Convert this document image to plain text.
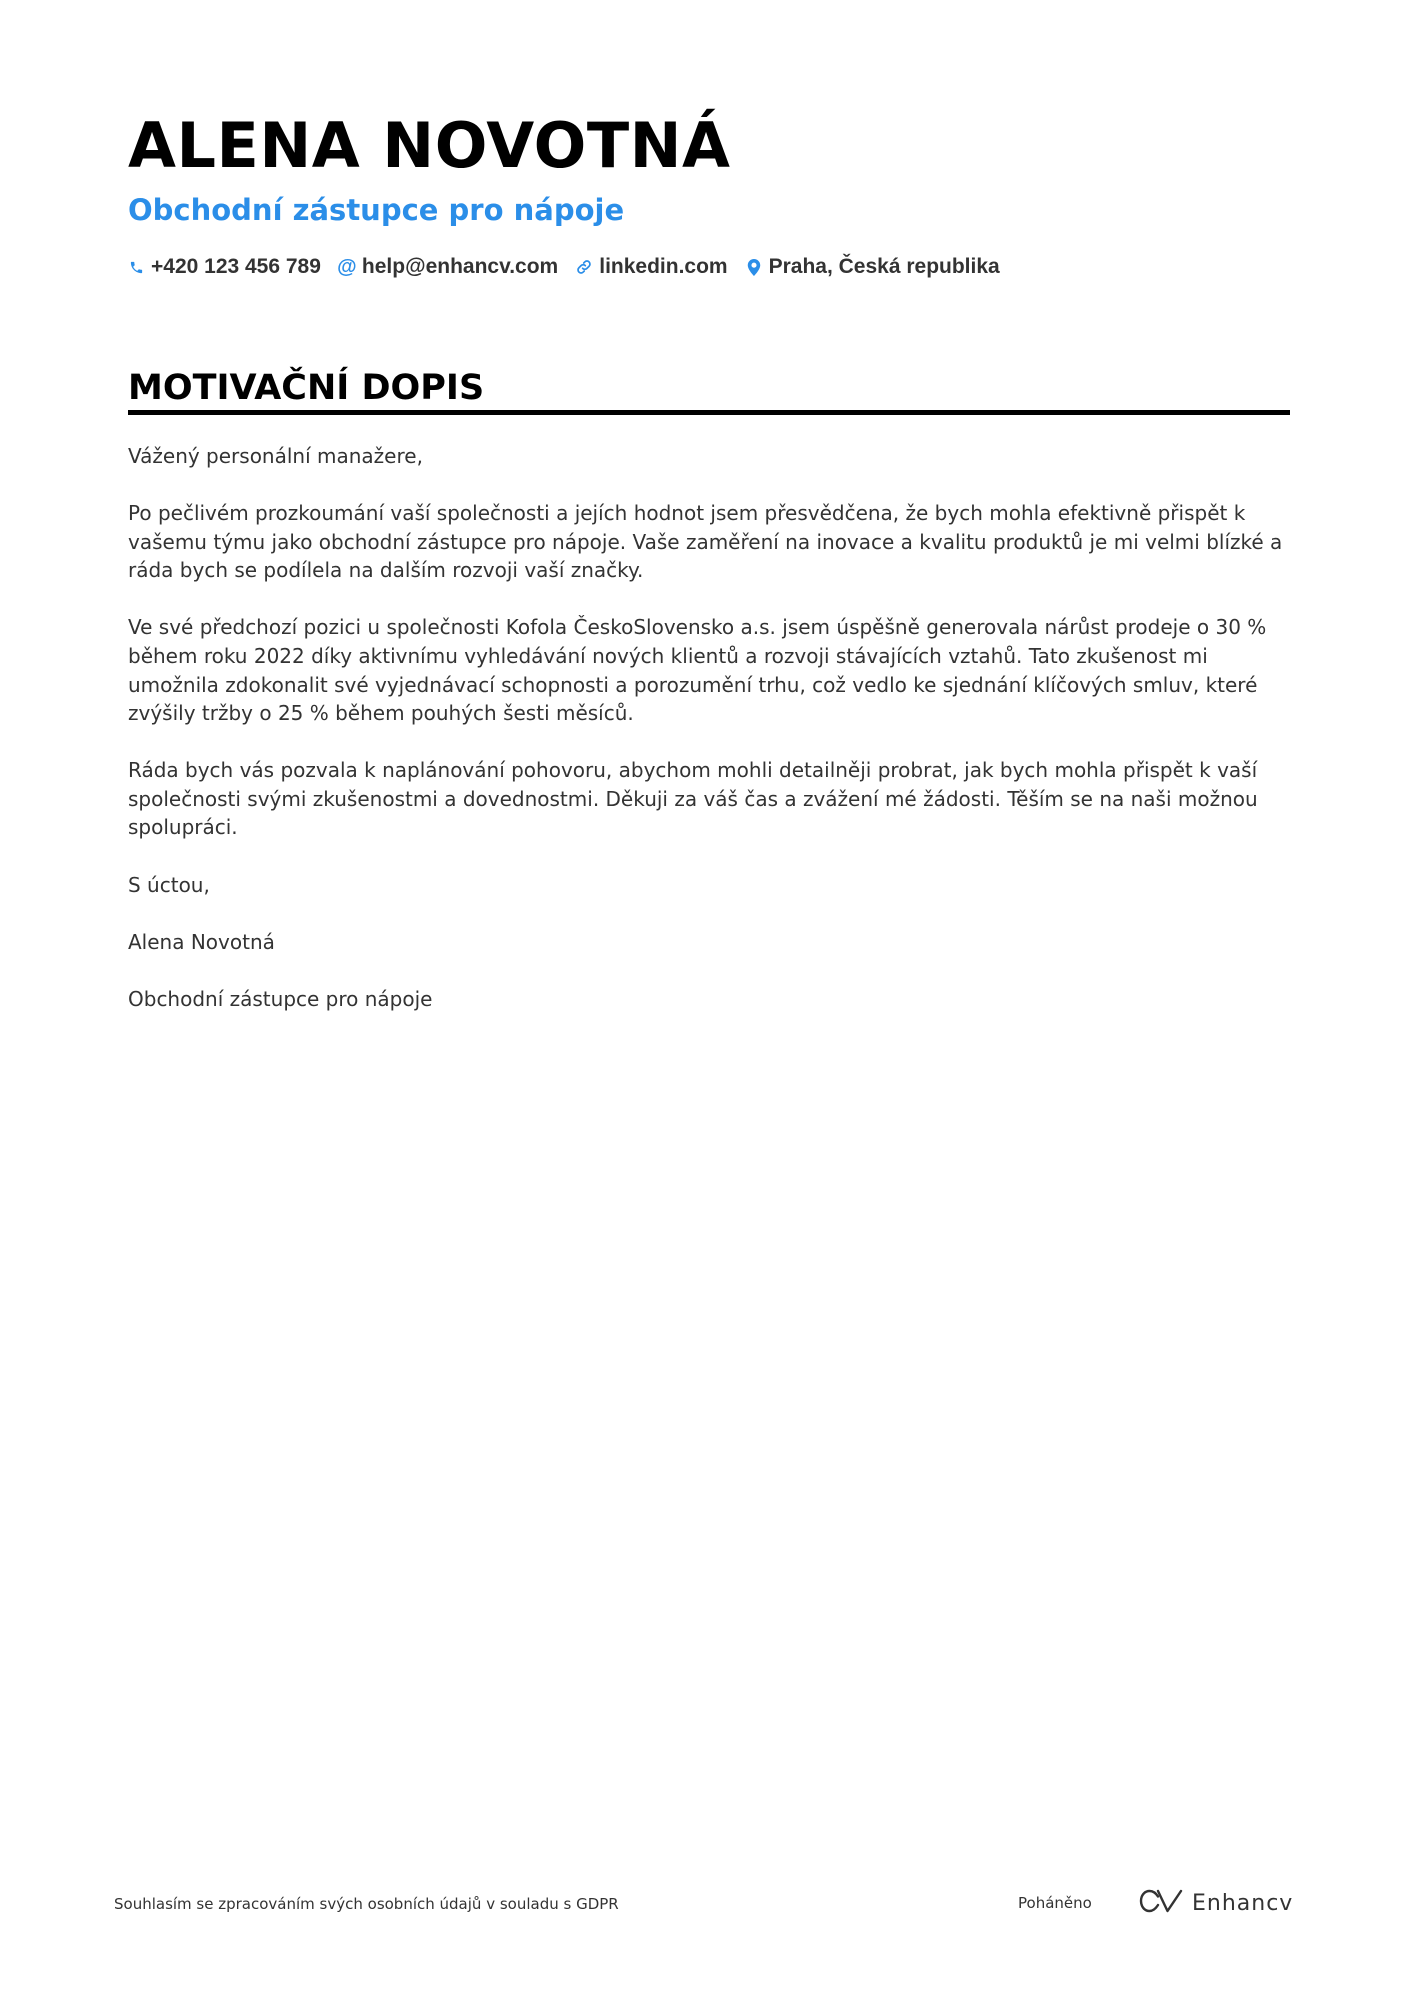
ALENA NOVOTNÁ
Obchodní zástupce pro nápoje
+420 123 456 789 @ help@enhancv.com linkedin.com Praha, Česká republika
MOTIVAČNÍ DOPIS

Vážený personální manažere,

Po pečlivém prozkoumání vaší společnosti a jejích hodnot jsem přesvědčena, že bych mohla efektivně přispět k vašemu týmu jako obchodní zástupce pro nápoje. Vaše zaměření na inovace a kvalitu produktů je mi velmi blízké a ráda bych se podílela na dalším rozvoji vaší značky.

Ve své předchozí pozici u společnosti Kofola ČeskoSlovensko a.s. jsem úspěšně generovala nárůst prodeje o 30 % během roku 2022 díky aktivnímu vyhledávání nových klientů a rozvoji stávajících vztahů. Tato zkušenost mi umožnila zdokonalit své vyjednávací schopnosti a porozumění trhu, což vedlo ke sjednání klíčových smluv, které zvýšily tržby o 25 % během pouhých šesti měsíců.

Ráda bych vás pozvala k naplánování pohovoru, abychom mohli detailněji probrat, jak bych mohla přispět k vaší společnosti svými zkušenostmi a dovednostmi. Děkuji za váš čas a zvážení mé žádosti. Těším se na naši možnou spolupráci.

S úctou,

Alena Novotná

Obchodní zástupce pro nápoje

Souhlasím se zpracováním svých osobních údajů v souladu s GDPR	Poháněno	Enhancv
